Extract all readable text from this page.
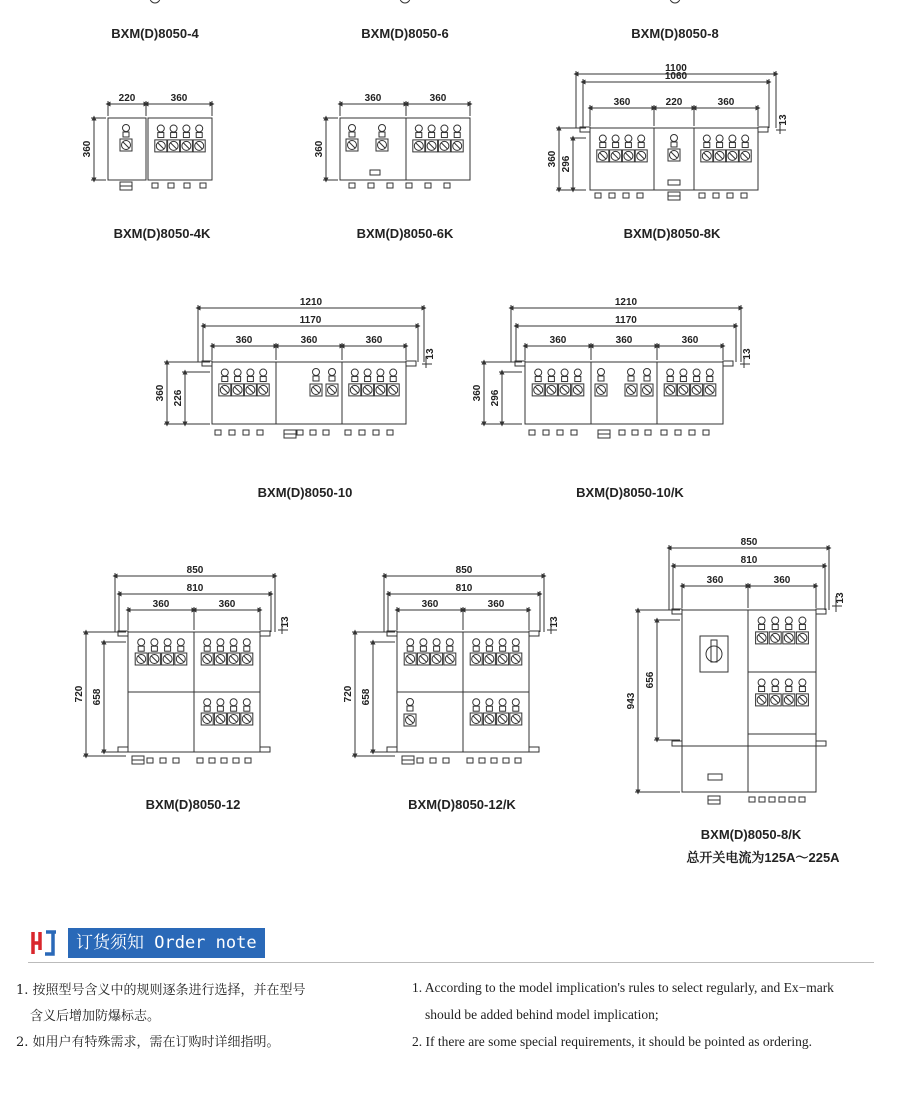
220	360
360
360	360
360
13
1100
1060
360	220	360
360 296
13
1210
1170
360	360	360
360 226
13
1210
1170
360	360	360
360 296
13
850
810
360	360
720 658
13
850
810
360	360
720 658
13
850
810
360	360
943
656
BXM(D)8050-4	BXM(D)8050-6	BXM(D)8050-8
BXM(D)8050-4K	BXM(D)8050-6K	BXM(D)8050-8K
BXM(D)8050-10	BXM(D)8050-10/K
BXM(D)8050-12	BXM(D)8050-12/K
BXM(D)8050-8/K
总开关电流为125A～225A
订货须知 Order note
1. 按照型号含义中的规则逐条进行选择，并在型号
含义后增加防爆标志。
2. 如用户有特殊需求，需在订购时详细指明。
1. According to the model implication's rules to select regularly, and Ex−mark
should be added behind model implication;
2. If there are some special requirements, it should be pointed as ordering.
